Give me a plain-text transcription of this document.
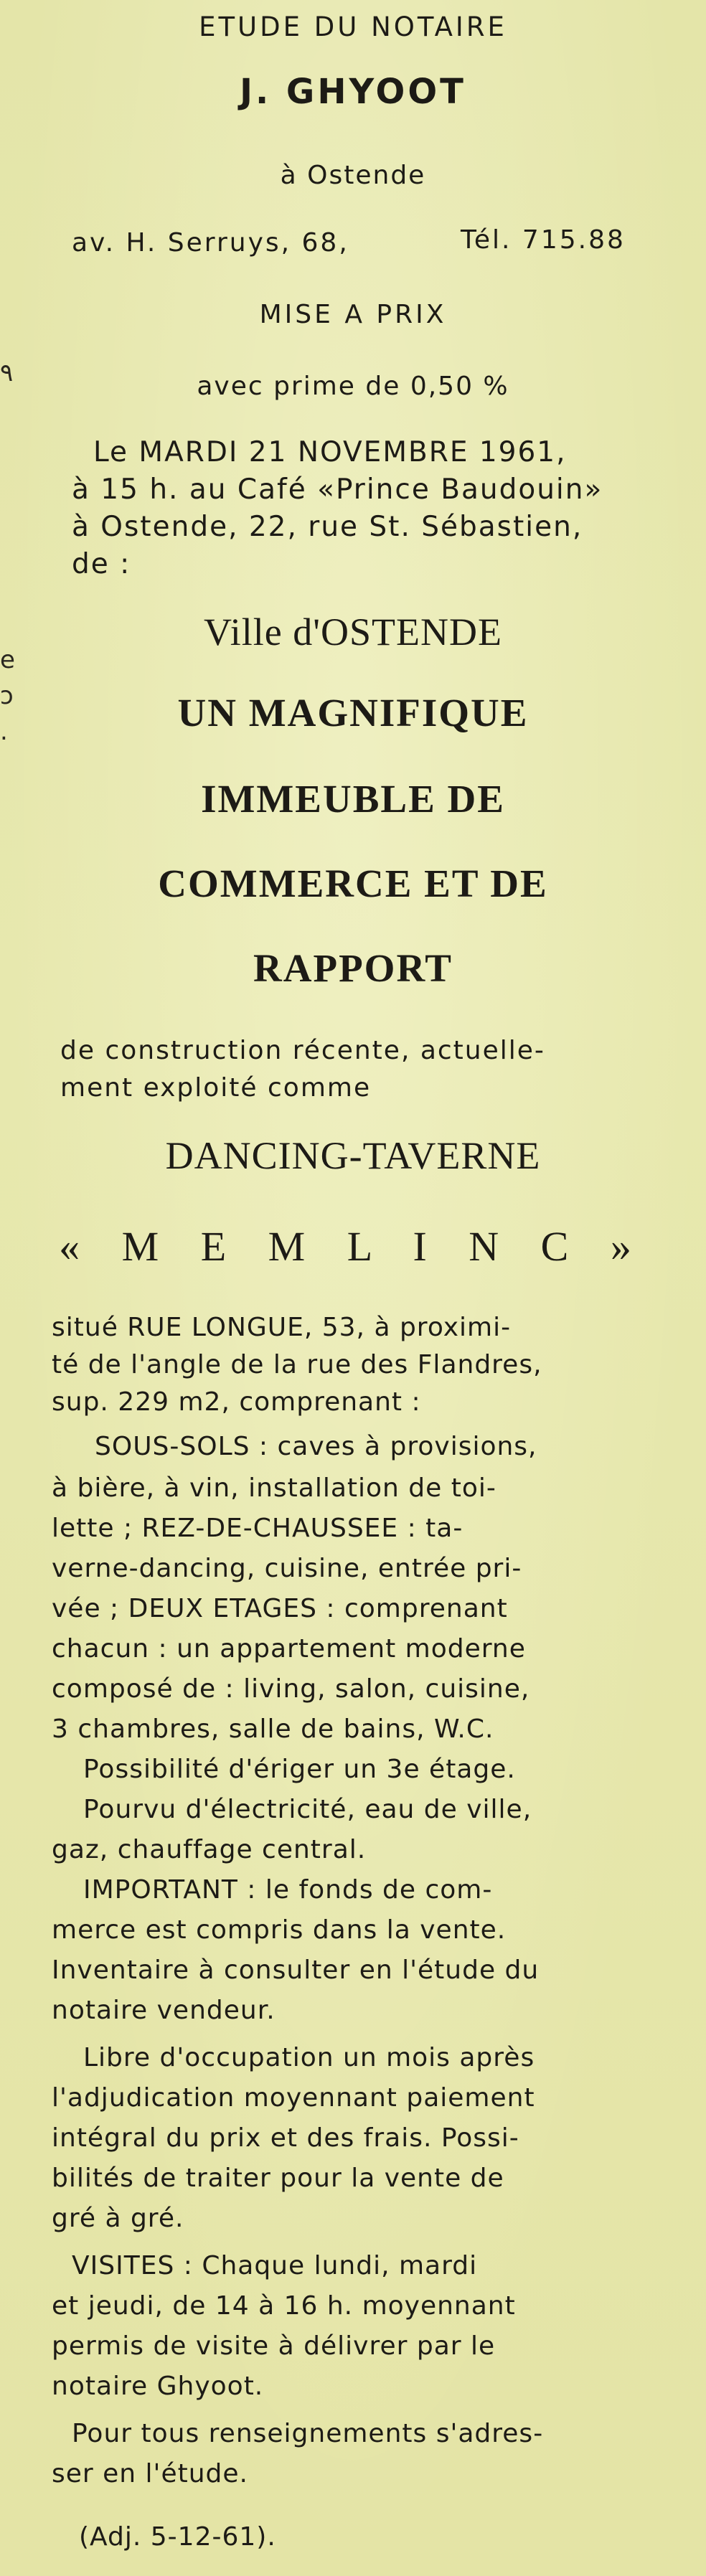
٩
e
ɔ
.

ETUDE DU NOTAIRE

J. GHYOOT

à Ostende

av. H. Serruys, 68,	Tél. 715.88

MISE A PRIX

avec prime de 0,50 %

Le MARDI 21 NOVEMBRE 1961,

à 15 h. au Café «Prince Baudouin»

à Ostende, 22, rue St. Sébastien,

de :

Ville d'OSTENDE

UN MAGNIFIQUE

IMMEUBLE DE

COMMERCE ET DE

RAPPORT

de construction récente, actuelle-

ment exploité comme

DANCING-TAVERNE

« M E M L I N C »

situé RUE LONGUE, 53, à proximi-

té de l'angle de la rue des Flandres,

sup. 229 m2, comprenant :

SOUS-SOLS : caves à provisions,

à bière, à vin, installation de toi-

lette ; REZ-DE-CHAUSSEE : ta-

verne-dancing, cuisine, entrée pri-

vée ; DEUX ETAGES : comprenant

chacun : un appartement moderne

composé de : living, salon, cuisine,

3 chambres, salle de bains, W.C.

Possibilité d'ériger un 3e étage.

Pourvu d'électricité, eau de ville,

gaz, chauffage central.

IMPORTANT : le fonds de com-

merce est compris dans la vente.

Inventaire à consulter en l'étude du

notaire vendeur.

Libre d'occupation un mois après

l'adjudication moyennant paiement

intégral du prix et des frais. Possi-

bilités de traiter pour la vente de

gré à gré.

VISITES : Chaque lundi, mardi

et jeudi, de 14 à 16 h. moyennant

permis de visite à délivrer par le

notaire Ghyoot.

Pour tous renseignements s'adres-

ser en l'étude.

(Adj. 5-12-61).
